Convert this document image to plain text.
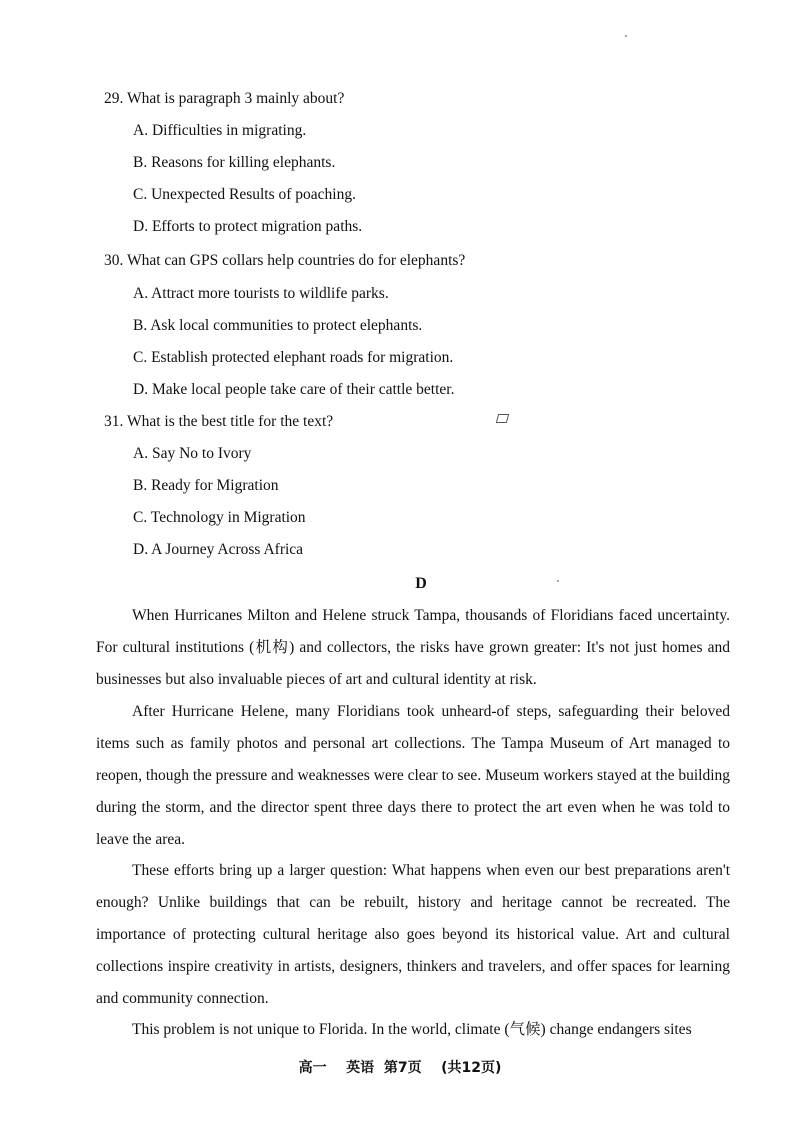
29. What is paragraph 3 mainly about?
A. Difficulties in migrating.
B. Reasons for killing elephants.
C. Unexpected Results of poaching.
D. Efforts to protect migration paths.
30. What can GPS collars help countries do for elephants?
A. Attract more tourists to wildlife parks.
B. Ask local communities to protect elephants.
C. Establish protected elephant roads for migration.
D. Make local people take care of their cattle better.
31. What is the best title for the text?
A. Say No to Ivory
B. Ready for Migration
C. Technology in Migration
D. A Journey Across Africa
D

When Hurricanes Milton and Helene struck Tampa, thousands of Floridians faced uncertainty. For cultural institutions (机构) and collectors, the risks have grown greater: It's not just homes and businesses but also invaluable pieces of art and cultural identity at risk.

After Hurricane Helene, many Floridians took unheard-of steps, safeguarding their beloved items such as family photos and personal art collections. The Tampa Museum of Art managed to reopen, though the pressure and weaknesses were clear to see. Museum workers stayed at the building during the storm, and the director spent three days there to protect the art even when he was told to leave the area.

These efforts bring up a larger question: What happens when even our best preparations aren't enough? Unlike buildings that can be rebuilt, history and heritage cannot be recreated. The importance of protecting cultural heritage also goes beyond its historical value. Art and cultural collections inspire creativity in artists, designers, thinkers and travelers, and offer spaces for learning and community connection.

This problem is not unique to Florida. In the world, climate (气候) change endangers sites

高一    英语  第7页    (共12页)
